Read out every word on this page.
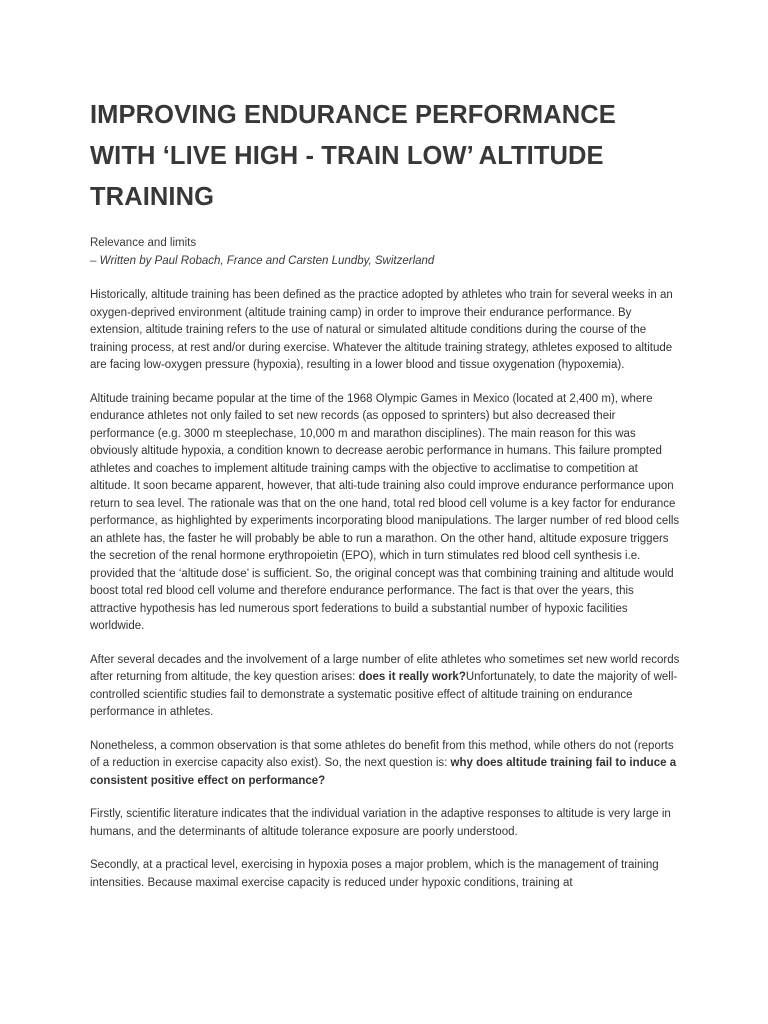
IMPROVING ENDURANCE PERFORMANCE WITH ‘LIVE HIGH - TRAIN LOW’ ALTITUDE TRAINING

Relevance and limits

– Written by Paul Robach, France and Carsten Lundby, Switzerland

Historically, altitude training has been defined as the practice adopted by athletes who train for several weeks in an oxygen-deprived environment (altitude training camp) in order to improve their endurance performance. By extension, altitude training refers to the use of natural or simulated altitude conditions during the course of the training process, at rest and/or during exercise. Whatever the altitude training strategy, athletes exposed to altitude are facing low-oxygen pressure (hypoxia), resulting in a lower blood and tissue oxygenation (hypoxemia).

Altitude training became popular at the time of the 1968 Olympic Games in Mexico (located at 2,400 m), where endurance athletes not only failed to set new records (as opposed to sprinters) but also decreased their performance (e.g. 3000 m steeplechase, 10,000 m and marathon disciplines). The main reason for this was obviously altitude hypoxia, a condition known to decrease aerobic performance in humans. This failure prompted athletes and coaches to implement altitude training camps with the objective to acclimatise to competition at altitude. It soon became apparent, however, that alti-tude training also could improve endurance performance upon return to sea level. The rationale was that on the one hand, total red blood cell volume is a key factor for endurance performance, as highlighted by experiments incorporating blood manipulations. The larger number of red blood cells an athlete has, the faster he will probably be able to run a marathon. On the other hand, altitude exposure triggers the secretion of the renal hormone erythropoietin (EPO), which in turn stimulates red blood cell synthesis i.e. provided that the ‘altitude dose’ is sufficient. So, the original concept was that combining training and altitude would boost total red blood cell volume and therefore endurance performance. The fact is that over the years, this attractive hypothesis has led numerous sport federations to build a substantial number of hypoxic facilities worldwide.

After several decades and the involvement of a large number of elite athletes who sometimes set new world records after returning from altitude, the key question arises: does it really work?Unfortunately, to date the majority of well-controlled scientific studies fail to demonstrate a systematic positive effect of altitude training on endurance performance in athletes.

Nonetheless, a common observation is that some athletes do benefit from this method, while others do not (reports of a reduction in exercise capacity also exist). So, the next question is: why does altitude training fail to induce a consistent positive effect on performance?

Firstly, scientific literature indicates that the individual variation in the adaptive responses to altitude is very large in humans, and the determinants of altitude tolerance exposure are poorly understood.

Secondly, at a practical level, exercising in hypoxia poses a major problem, which is the management of training intensities. Because maximal exercise capacity is reduced under hypoxic conditions, training at
